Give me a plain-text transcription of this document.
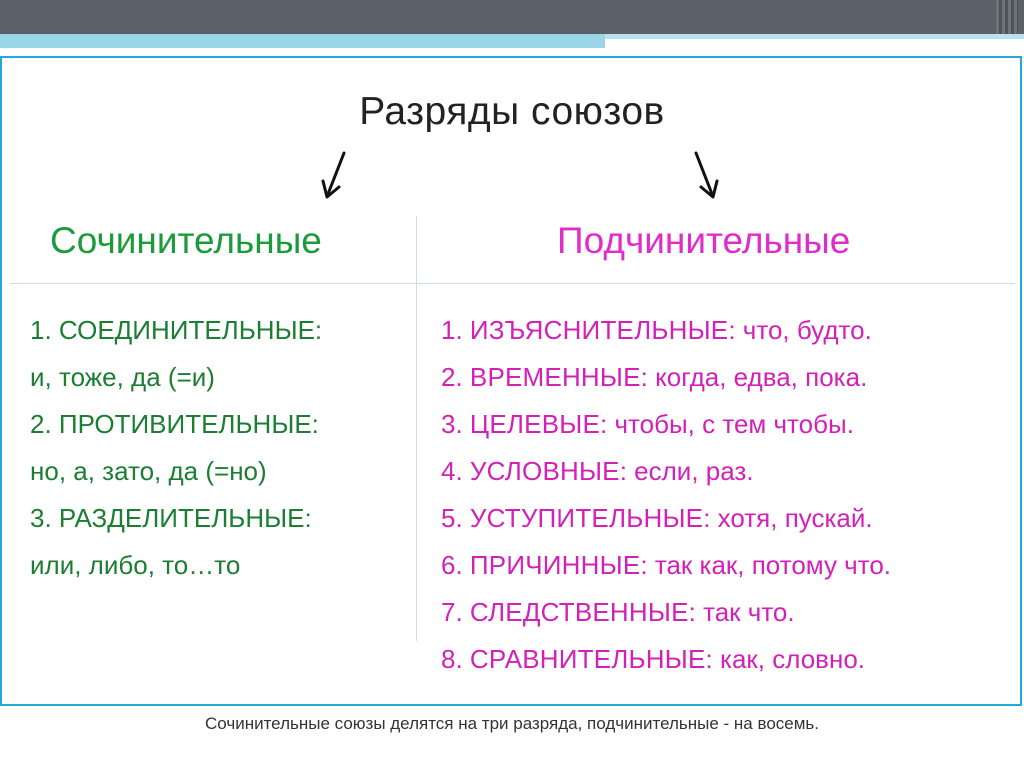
Разряды союзов
Сочинительные	Подчинительные
1. СОЕДИНИТЕЛЬНЫЕ:
и, тоже, да (=и)
2. ПРОТИВИТЕЛЬНЫЕ:
но, а, зато, да (=но)
3. РАЗДЕЛИТЕЛЬНЫЕ:
или, либо, то…то
1. ИЗЪЯСНИТЕЛЬНЫЕ: что, будто.
2. ВРЕМЕННЫЕ: когда, едва, пока.
3. ЦЕЛЕВЫЕ: чтобы, с тем чтобы.
4. УСЛОВНЫЕ: если, раз.
5. УСТУПИТЕЛЬНЫЕ: хотя, пускай.
6. ПРИЧИННЫЕ: так как, потому что.
7. СЛЕДСТВЕННЫЕ: так что.
8. СРАВНИТЕЛЬНЫЕ: как, словно.
Сочинительные союзы делятся на три разряда, подчинительные - на восемь.
